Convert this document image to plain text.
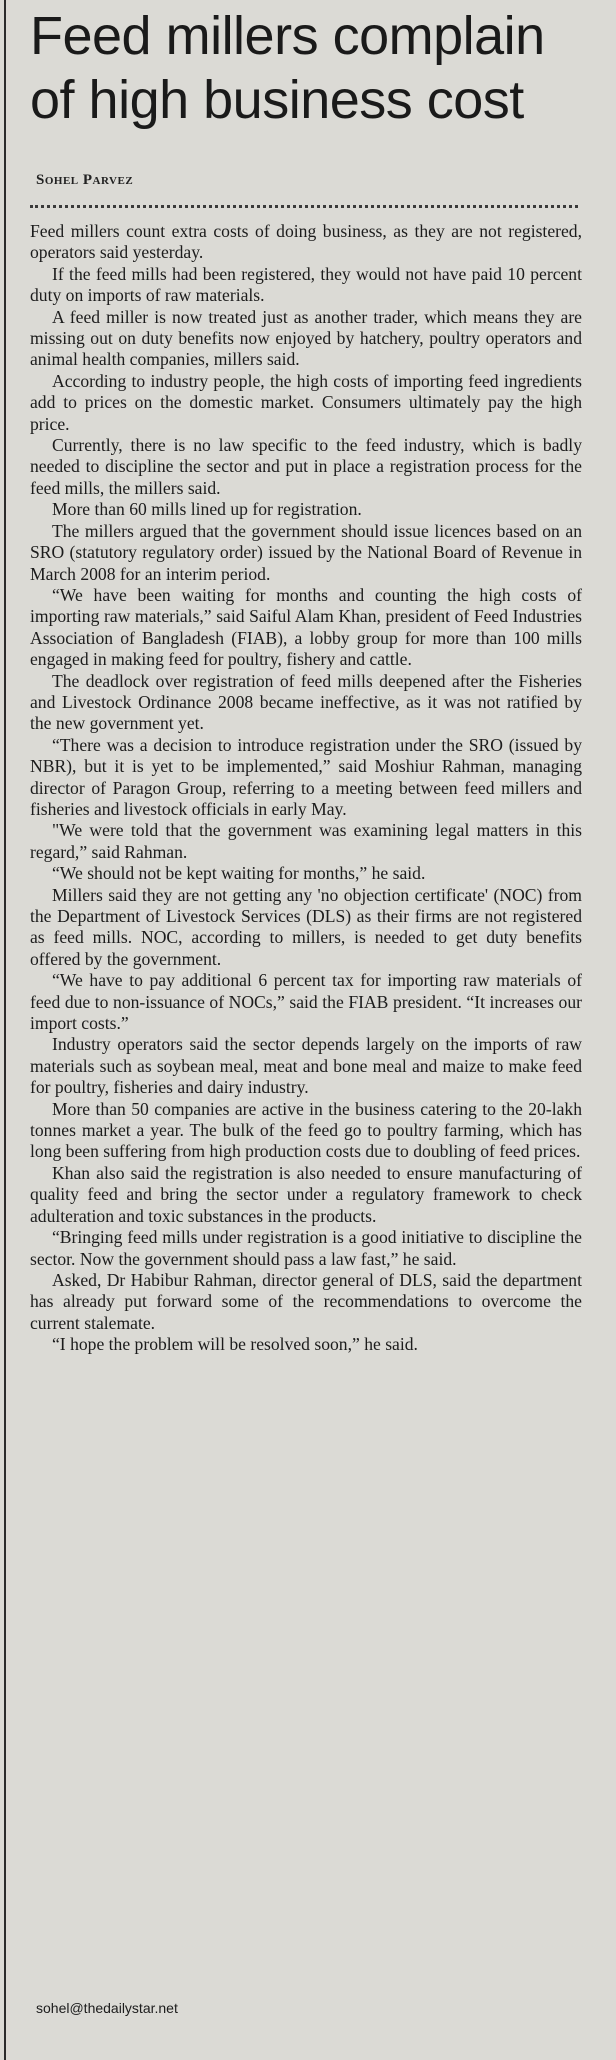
Feed millers complain
of high business cost
Sohel Parvez

Feed millers count extra costs of doing business, as they are not registered, operators said yesterday.

If the feed mills had been registered, they would not have paid 10 percent duty on imports of raw materials.

A feed miller is now treated just as another trader, which means they are missing out on duty benefits now enjoyed by hatchery, poultry operators and animal health companies, millers said.

According to industry people, the high costs of importing feed ingredients add to prices on the domestic market. Consumers ultimately pay the high price.

Currently, there is no law specific to the feed industry, which is badly needed to discipline the sector and put in place a registration process for the feed mills, the millers said.

More than 60 mills lined up for registration.

The millers argued that the government should issue licences based on an SRO (statutory regulatory order) issued by the National Board of Revenue in March 2008 for an interim period.

“We have been waiting for months and counting the high costs of importing raw materials,” said Saiful Alam Khan, president of Feed Industries Association of Bangladesh (FIAB), a lobby group for more than 100 mills engaged in making feed for poultry, fishery and cattle.

The deadlock over registration of feed mills deepened after the Fisheries and Livestock Ordinance 2008 became ineffective, as it was not ratified by the new government yet.

“There was a decision to introduce registration under the SRO (issued by NBR), but it is yet to be implemented,” said Moshiur Rahman, managing director of Paragon Group, referring to a meeting between feed millers and fisheries and livestock officials in early May.

"We were told that the government was examining legal matters in this regard,” said Rahman.

“We should not be kept waiting for months,” he said.

Millers said they are not getting any 'no objection certificate' (NOC) from the Department of Livestock Services (DLS) as their firms are not registered as feed mills. NOC, according to millers, is needed to get duty benefits offered by the government.

“We have to pay additional 6 percent tax for importing raw materials of feed due to non-issuance of NOCs,” said the FIAB president. “It increases our import costs.”

Industry operators said the sector depends largely on the imports of raw materials such as soybean meal, meat and bone meal and maize to make feed for poultry, fisheries and dairy industry.

More than 50 companies are active in the business catering to the 20-lakh tonnes market a year. The bulk of the feed go to poultry farming, which has long been suffering from high production costs due to doubling of feed prices.

Khan also said the registration is also needed to ensure manufacturing of quality feed and bring the sector under a regulatory framework to check adulteration and toxic substances in the products.

“Bringing feed mills under registration is a good initiative to discipline the sector. Now the government should pass a law fast,” he said.

Asked, Dr Habibur Rahman, director general of DLS, said the department has already put forward some of the recommendations to overcome the current stalemate.

“I hope the problem will be resolved soon,” he said.

sohel@thedailystar.net
